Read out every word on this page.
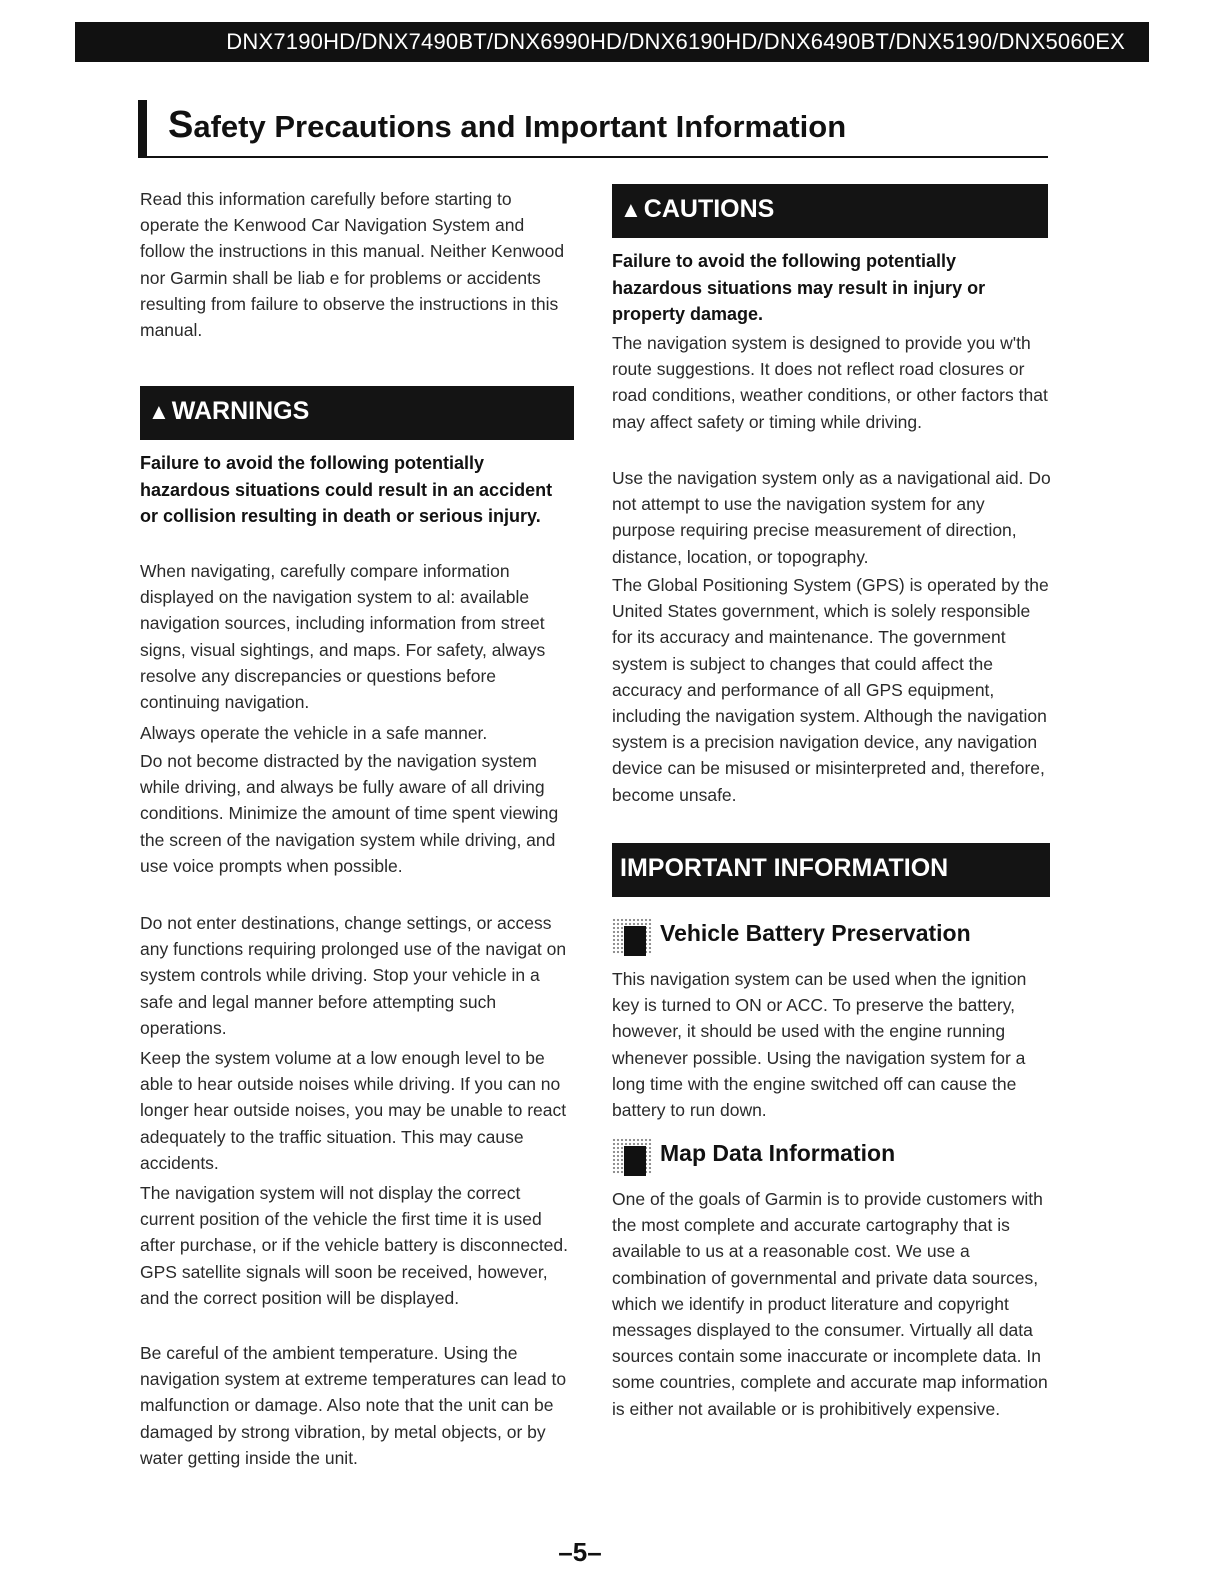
DNX7190HD/DNX7490BT/DNX6990HD/DNX6190HD/DNX6490BT/DNX5190/DNX5060EX
Safety Precautions and Important Information

Read this information carefully before starting to operate the Kenwood Car Navigation System and follow the instructions in this manual. Neither Kenwood nor Garmin shall be liab e for problems or accidents resulting from failure to observe the instructions in this manual.

▲WARNINGS

Failure to avoid the following potentially hazardous situations could result in an accident or collision resulting in death or serious injury.

When navigating, carefully compare information displayed on the navigation system to al: available navigation sources, including information from street signs, visual sightings, and maps. For safety, always resolve any discrepancies or questions before continuing navigation.

Always operate the vehicle in a safe manner.

Do not become distracted by the navigation system while driving, and always be fully aware of all driving conditions. Minimize the amount of time spent viewing the screen of the navigation system while driving, and use voice prompts when possible.

Do not enter destinations, change settings, or access any functions requiring prolonged use of the navigat on system controls while driving. Stop your vehicle in a safe and legal manner before attempting such operations.

Keep the system volume at a low enough level to be able to hear outside noises while driving. If you can no longer hear outside noises, you may be unable to react adequately to the traffic situation. This may cause accidents.

The navigation system will not display the correct current position of the vehicle the first time it is used after purchase, or if the vehicle battery is disconnected. GPS satellite signals will soon be received, however, and the correct position will be displayed.

Be careful of the ambient temperature. Using the navigation system at extreme temperatures can lead to malfunction or damage. Also note that the unit can be damaged by strong vibration, by metal objects, or by water getting inside the unit.

▲CAUTIONS

Failure to avoid the following potentially hazardous situations may result in injury or property damage.

The navigation system is designed to provide you w'th route suggestions. It does not reflect road closures or road conditions, weather conditions, or other factors that may affect safety or timing while driving.

Use the navigation system only as a navigational aid. Do not attempt to use the navigation system for any purpose requiring precise measurement of direction, distance, location, or topography.

The Global Positioning System (GPS) is operated by the United States government, which is solely responsible for its accuracy and maintenance. The government system is subject to changes that could affect the accuracy and performance of all GPS equipment, including the navigation system. Although the navigation system is a precision navigation device, any navigation device can be misused or misinterpreted and, therefore, become unsafe.

IMPORTANT INFORMATION
Vehicle Battery Preservation

This navigation system can be used when the ignition key is turned to ON or ACC. To preserve the battery, however, it should be used with the engine running whenever possible. Using the navigation system for a long time with the engine switched off can cause the battery to run down.

Map Data Information

One of the goals of Garmin is to provide customers with the most complete and accurate cartography that is available to us at a reasonable cost. We use a combination of governmental and private data sources, which we identify in product literature and copyright messages displayed to the consumer. Virtually all data sources contain some inaccurate or incomplete data. In some countries, complete and accurate map information is either not available or is prohibitively expensive.

–5–
